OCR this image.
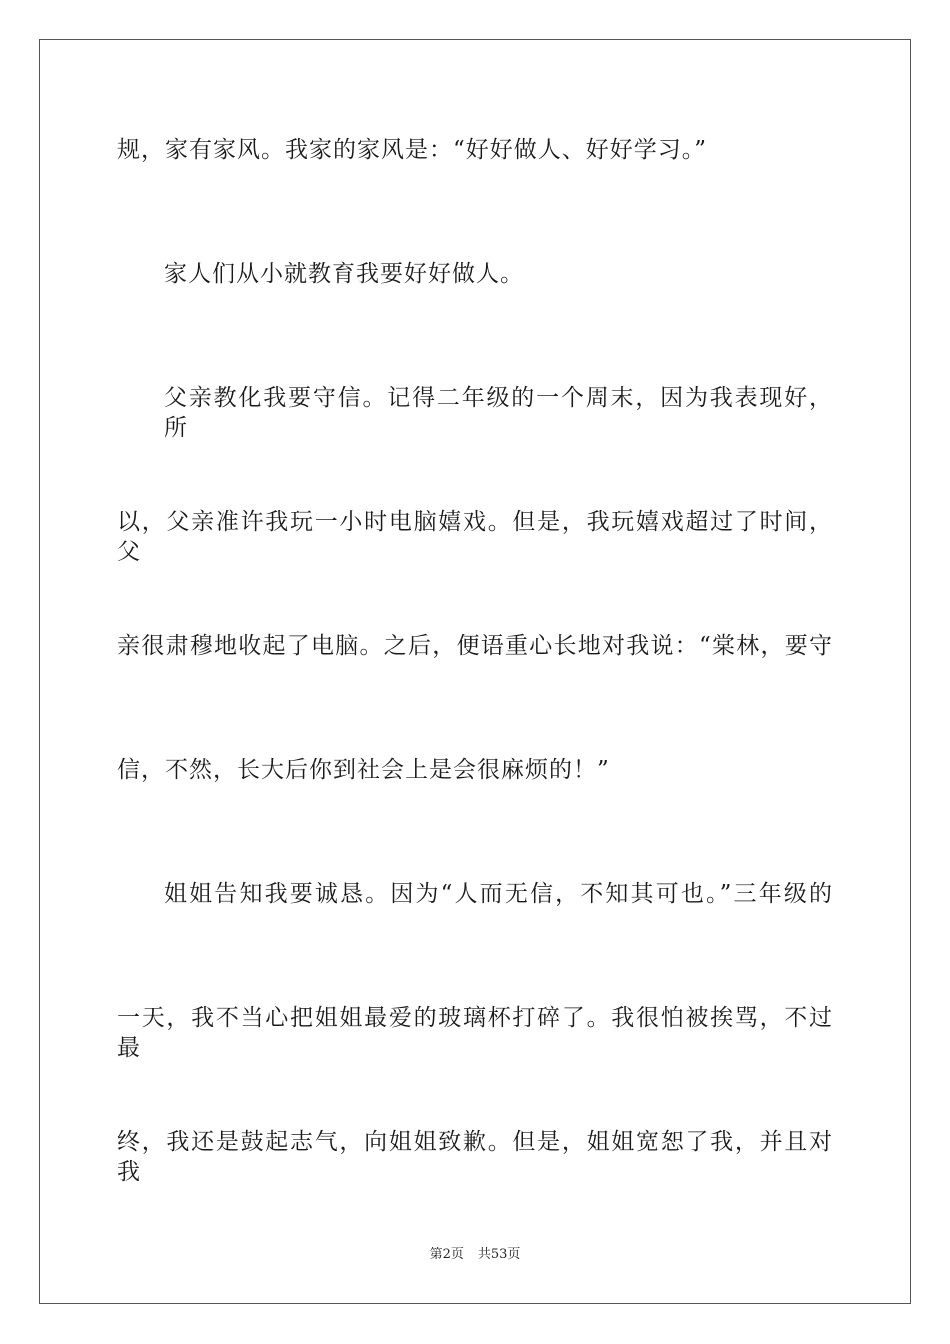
规，家有家风。我家的家风是：“好好做人、好好学习。”
家人们从小就教育我要好好做人。
父亲教化我要守信。记得二年级的一个周末，因为我表现好，所
以，父亲准许我玩一小时电脑嬉戏。但是，我玩嬉戏超过了时间，父
亲很肃穆地收起了电脑。之后，便语重心长地对我说：“棠林，要守
信，不然，长大后你到社会上是会很麻烦的！”
姐姐告知我要诚恳。因为“人而无信，不知其可也。”三年级的
一天，我不当心把姐姐最爱的玻璃杯打碎了。我很怕被挨骂，不过最
终，我还是鼓起志气，向姐姐致歉。但是，姐姐宽恕了我，并且对我
第2页 共53页
